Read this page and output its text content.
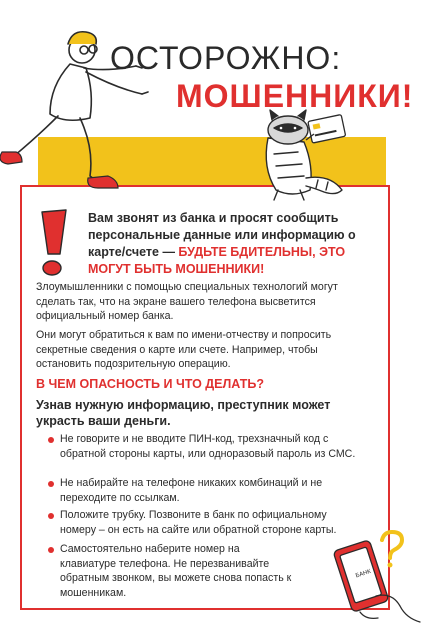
ОСТОРОЖНО:
МОШЕННИКИ!
Вам звонят из банка и просят сообщить персональные данные или информацию о карте/счете — БУДЬТЕ БДИТЕЛЬНЫ, ЭТО МОГУТ БЫТЬ МОШЕННИКИ!
Злоумышленники с помощью специальных технологий могут сделать так, что на экране вашего телефона высветится официальный номер банка.
Они могут обратиться к вам по имени-отчеству и попросить секретные сведения о карте или счете. Например, чтобы остановить подозрительную операцию.
В ЧЕМ ОПАСНОСТЬ И ЧТО ДЕЛАТЬ?
Узнав нужную информацию, преступник может украсть ваши деньги.
Не говорите и не вводите ПИН-код, трехзначный код с обратной стороны карты, или одноразовый пароль из СМС.
Не набирайте на телефоне никаких комбинаций и не переходите по ссылкам.
Положите трубку. Позвоните в банк по официальному номеру – он есть на сайте или обратной стороне карты.
Самостоятельно наберите номер на клавиатуре телефона. Не перезванивайте обратным звонком, вы можете снова попасть к мошенникам.
БАНК
